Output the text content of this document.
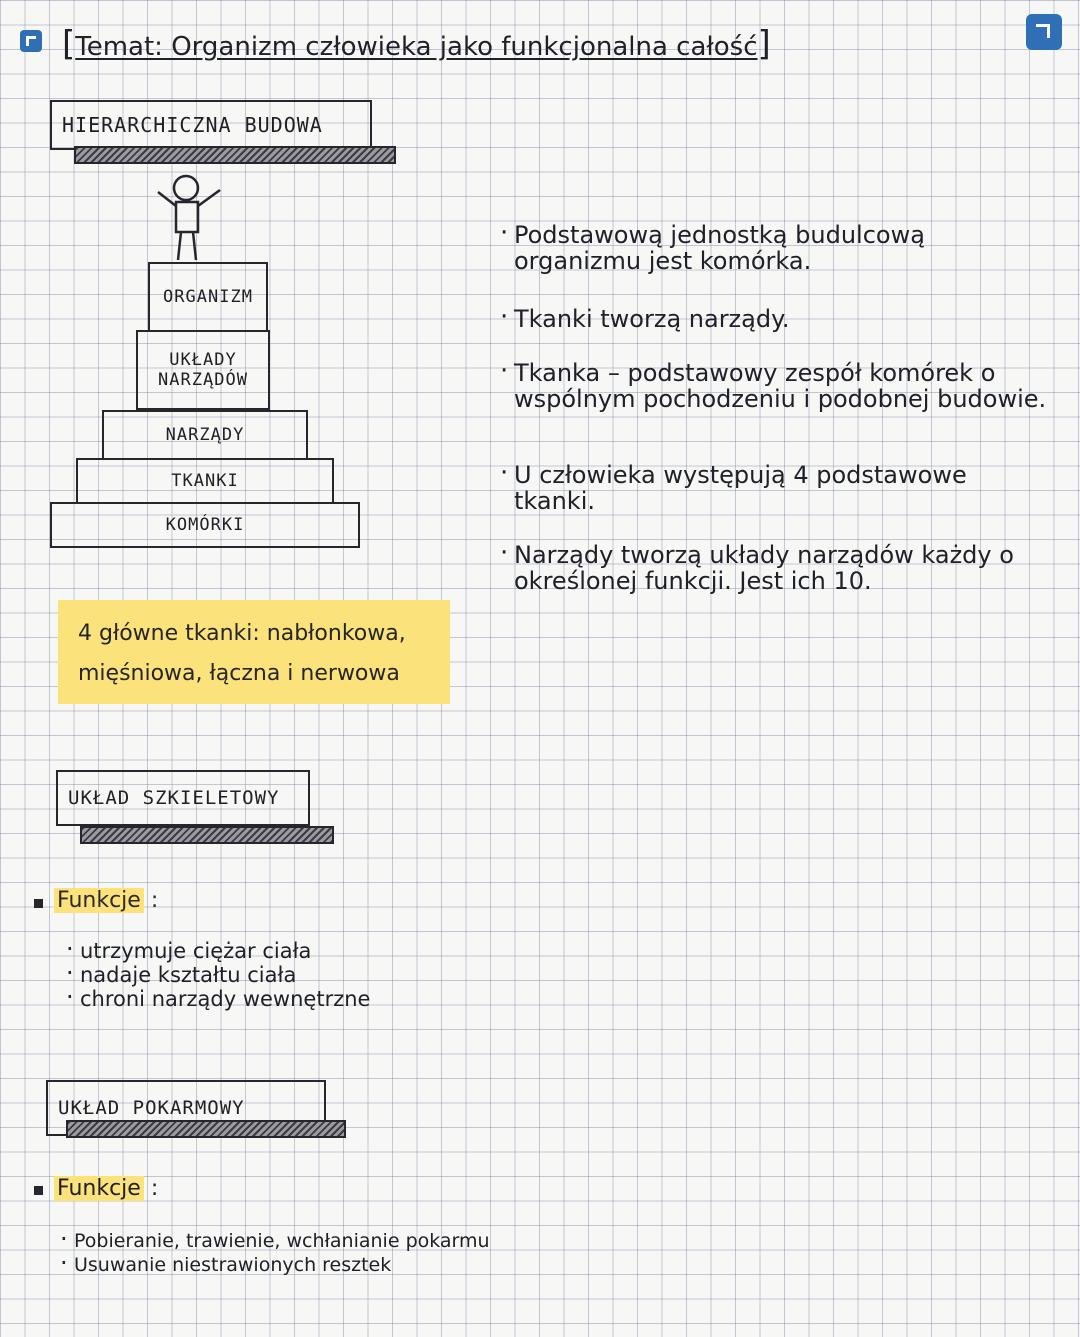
[Temat: Organizm człowieka jako funkcjonalna całość]
HIERARCHICZNA BUDOWA
ORGANIZM
UKŁADY NARZĄDÓW
NARZĄDY
TKANKI
KOMÓRKI
· Podstawową jednostką budulcową organizmu jest komórka.
· Tkanki tworzą narządy.
· Tkanka – podstawowy zespół komórek o wspólnym pochodzeniu i podobnej budowie.
· U człowieka występują 4 podstawowe tkanki.
· Narządy tworzą układy narządów każdy o określonej funkcji. Jest ich 10.
4 główne tkanki: nabłonkowa,
mięśniowa, łączna i nerwowa
UKŁAD SZKIELETOWY
Funkcje :
· utrzymuje ciężar ciała
· nadaje kształtu ciała
· chroni narządy wewnętrzne
UKŁAD POKARMOWY
Funkcje :
· Pobieranie, trawienie, wchłanianie pokarmu
· Usuwanie niestrawionych resztek
